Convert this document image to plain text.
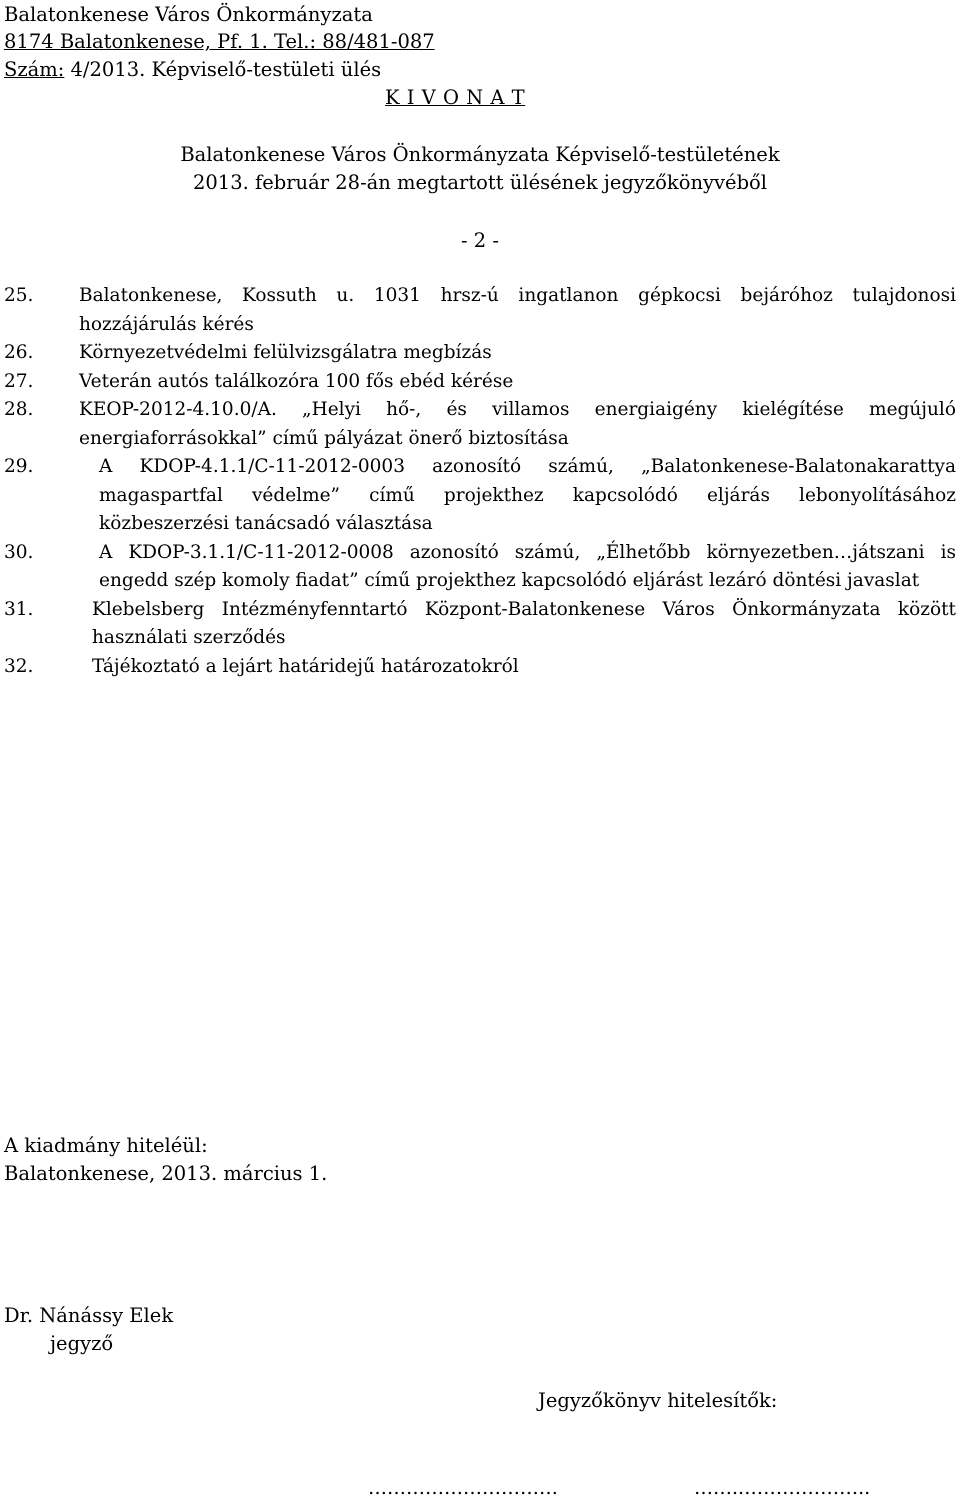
Balatonkenese Város Önkormányzata
8174 Balatonkenese, Pf. 1. Tel.: 88/481-087
Szám: 4/2013. Képviselő-testületi ülés
K I V O N A T
Balatonkenese Város Önkormányzata Képviselő-testületének
2013. február 28-án megtartott ülésének jegyzőkönyvéből
- 2 -
25. Balatonkenese, Kossuth u. 1031 hrsz-ú ingatlanon gépkocsi bejáróhoz tulajdonosi
hozzájárulás kérés
26. Környezetvédelmi felülvizsgálatra megbízás
27. Veterán autós találkozóra 100 fős ebéd kérése
28. KEOP-2012-4.10.0/A. „Helyi hő-, és villamos energiaigény kielégítése megújuló
energiaforrásokkal” című pályázat önerő biztosítása
29.	A KDOP-4.1.1/C-11-2012-0003 azonosító számú, „Balatonkenese-Balatonakarattya
magaspartfal védelme” című projekthez kapcsolódó eljárás lebonyolításához
közbeszerzési tanácsadó választása
30.	A KDOP-3.1.1/C-11-2012-0008 azonosító számú, „Élhetőbb környezetben…játszani is
engedd szép komoly fiadat” című projekthez kapcsolódó eljárást lezáró döntési javaslat
31.	Klebelsberg Intézményfenntartó Központ-Balatonkenese Város Önkormányzata között
használati szerződés
32.	Tájékoztató a lejárt határidejű határozatokról
A kiadmány hiteléül:
Balatonkenese, 2013. március 1.
Dr. Nánássy Elek
jegyző
Jegyzőkönyv hitelesítők:
…………………………	……..………………..
